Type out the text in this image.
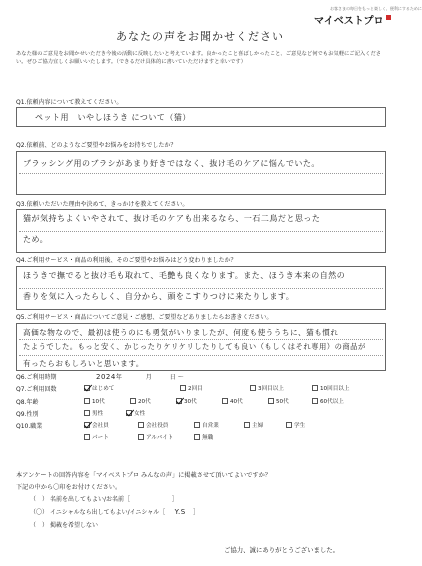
お客さまの毎日をもっと楽しく、便利にするために
マイベストプロ
あなたの声をお聞かせください
あなた様のご意見をお聞かせいただき今後の活動に反映したいと考えています。良かったこと喜ばしかったこと、ご意見など何でもお気軽にご記入ください。ぜひご協力宜しくお願いいたします。（できるだけ具体的に書いていただけますと幸いです）
Q1.依頼内容について教えてください。
ペット用　いやしほうき について（猫）
Q2.依頼前、どのようなご要望やお悩みをお持ちでしたか？
ブラッシング用のブラシがあまり好きではなく、抜け毛のケアに悩んでいた。
Q3.依頼いただいた理由や決めて、きっかけを教えてください。
猫が気持ちよくいやされて、抜け毛のケアも出来るなら、一石二鳥だと思った
ため。
Q4.ご利用サービス・商品の利用後、そのご要望やお悩みはどう変わりましたか？
ほうきで撫でると抜け毛も取れて、毛艶も良くなります。また、ほうき本来の自然の
香りを気に入ったらしく、自分から、頭をこすりつけに来たりします。
Q5.ご利用サービス・商品についてご意見・ご感想、ご要望などありましたらお書きください。
高価な物なので、最初は使うのにも勇気がいりましたが、何度も使ううちに、猫も慣れ
たようでした。もっと安く、かじったりケリケリしたりしても良い（もしくはそれ専用）の商品が
有ったらおもしろいと思います。
Q6.ご利用時期	2024年	月	日 〜
Q7.ご利用回数	はじめて	2回目	3回目以上	10回目以上
Q8.年齢	10代	20代	30代	40代	50代	60代以上
Q9.性別	男性	女性
Q10.職業	会社員	会社役員	自営業	主婦	学生
パート	アルバイト	無職
本アンケートの回答内容を「マイベストプロ みんなの声」に掲載させて頂いてよいですか？
下記の中から〇印をお付けください。
（　） 名前を出してもよい/お名前［	］
（〇） イニシャルなら出してもよい/イニシャル［ Y.S ］
（　） 掲載を希望しない
ご協力、誠にありがとうございました。
